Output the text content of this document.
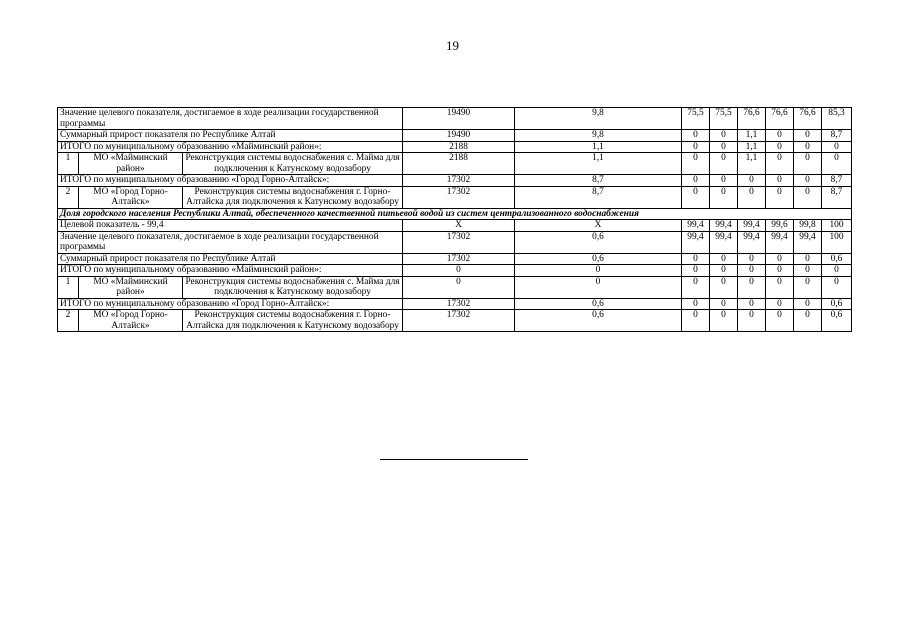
19
Значение целевого показателя, достигаемое в ходе реализации государственной программы			19490	9,8	75,5	75,5	76,6	76,6	76,6	85,3
Суммарный прирост показателя по Республике Алтай			19490	9,8	0	0	1,1	0	0	8,7
ИТОГО по муниципальному образованию «Майминский район»:			2188	1,1	0	0	1,1	0	0	0
1	МО «Майминский район»	Реконструкция системы водоснабжения с. Майма для подключения к Катунскому водозабору	2188	1,1	0	0	1,1	0	0	0
ИТОГО по муниципальному образованию «Город Горно-Алтайск»:			17302	8,7	0	0	0	0	0	8,7
2	МО «Город Горно-Алтайск»	Реконструкция системы водоснабжения г. Горно-Алтайска для подключения к Катунскому водозабору	17302	8,7	0	0	0	0	0	8,7
Доля городского населения Республики Алтай, обеспеченного качественной питьевой водой из систем централизованного водоснабжения										
Целевой показатель - 99,4			Х	Х	99,4	99,4	99,4	99,6	99,8	100
Значение целевого показателя, достигаемое в ходе реализации государственной программы			17302	0,6	99,4	99,4	99,4	99,4	99,4	100
Суммарный прирост показателя по Республике Алтай			17302	0,6	0	0	0	0	0	0,6
ИТОГО по муниципальному образованию «Майминский район»:			0	0	0	0	0	0	0	0
1	МО «Майминский район»	Реконструкция системы водоснабжения с. Майма для подключения к Катунскому водозабору	0	0	0	0	0	0	0	0
ИТОГО по муниципальному образованию «Город Горно-Алтайск»:			17302	0,6	0	0	0	0	0	0,6
2	МО «Город Горно-Алтайск»	Реконструкция системы водоснабжения г. Горно-Алтайска для подключения к Катунскому водозабору	17302	0,6	0	0	0	0	0	0,6
